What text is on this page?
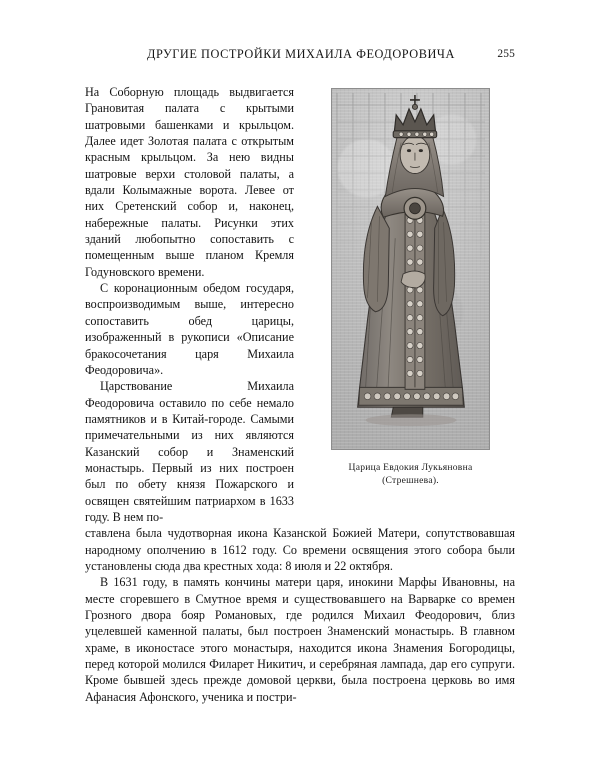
ДРУГИЕ ПОСТРОЙКИ МИХАИЛА ФЕОДОРОВИЧА	255
Царица Евдокия Лукьяновна
(Стрешнева).

На Соборную площадь выдвигается Грановитая палата с крытыми шатровыми башенками и крыльцом. Далее идет Золотая палата с открытым красным крыльцом. За нею видны шатровые верхи столовой палаты, а вдали Колымажные ворота. Левее от них Сретенский собор и, наконец, набережные палаты. Рисунки этих зданий любопытно сопоставить с помещенным выше планом Кремля Годуновского времени.

С коронационным обедом государя, воспроизводимым выше, интересно сопоставить обед царицы, изображенный в рукописи «Описание бракосочетания царя Михаила Феодоровича».

Царствование Михаила Феодоровича оставило по себе немало памятников и в Китай-городе. Самыми примечательными из них являются Казанский собор и Знаменский монастырь. Первый из них построен был по обету князя Пожарского и освящен святейшим патриархом в 1633 году. В нем по-

ставлена была чудотворная икона Казанской Божией Матери, сопутствовавшая народному ополчению в 1612 году. Со времени освящения этого собора были установлены сюда два крестных хода: 8 июля и 22 октября.

В 1631 году, в память кончины матери царя, инокини Марфы Ивановны, на месте сгоревшего в Смутное время и существовавшего на Варварке со времен Грозного двора бояр Романовых, где родился Михаил Феодорович, близ уцелевшей каменной палаты, был построен Знаменский монастырь. В главном храме, в иконостасе этого монастыря, находится икона Знамения Богородицы, перед которой молился Филарет Никитич, и серебряная лампада, дар его супруги. Кроме бывшей здесь прежде домовой церкви, была построена церковь во имя Афанасия Афонского, ученика и постри-
